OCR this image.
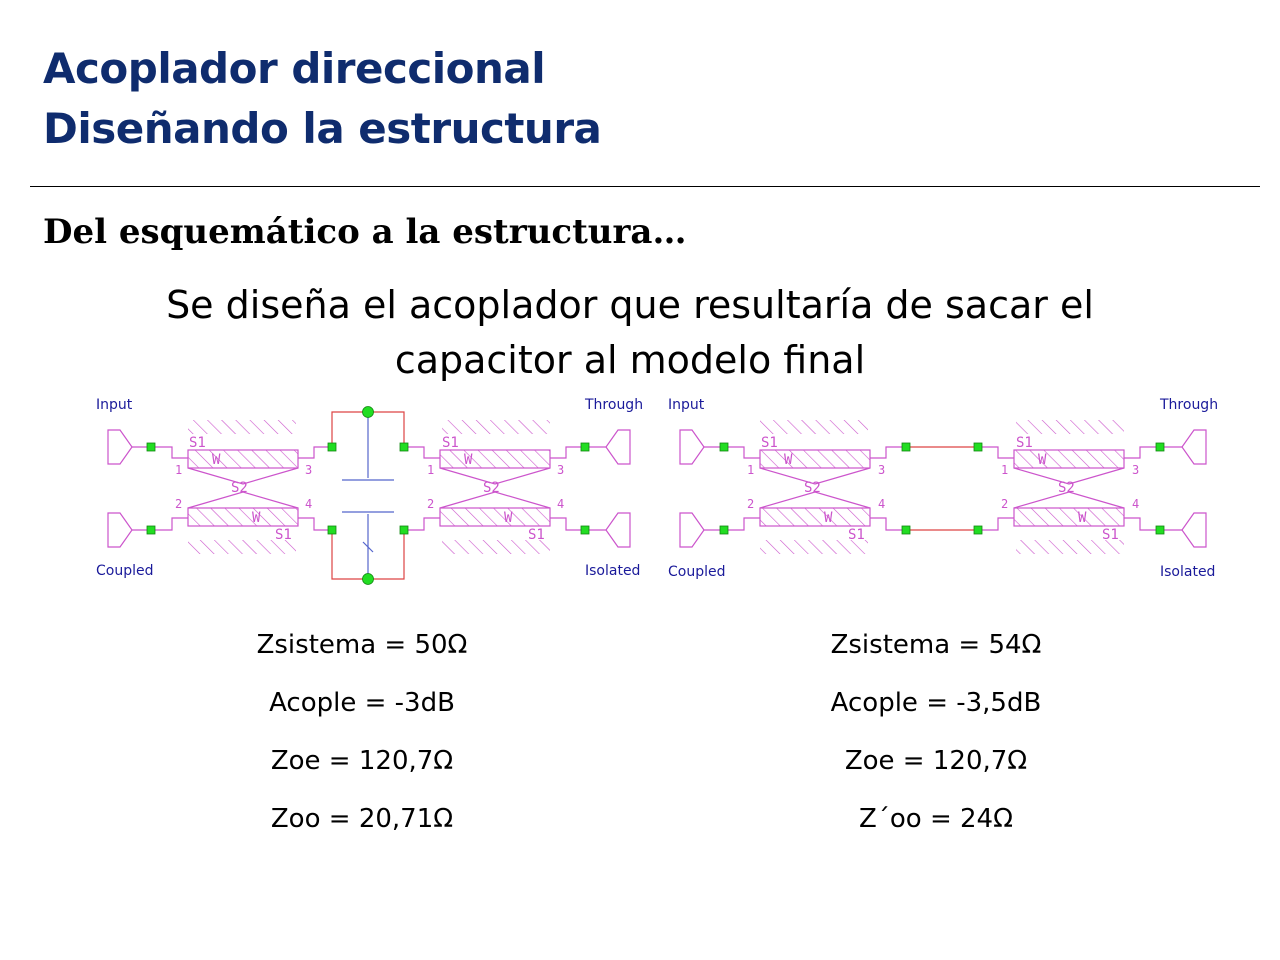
Acoplador direccional
Diseñando la estructura
Del esquemático a la estructura…
Se diseña el acoplador que resultaría de sacar el
capacitor al modelo final
Input	Through
Coupled	Isolated
S1
S1
S2
W
W
1
2
3
4
S1
S1
S2
W
W
1
2
3
4
Input	Through
Coupled	Isolated
S1
S1
S2
W
W
1
2
3
4
S1
S1
S2
W
W
1
2
3
4
Zsistema = 50Ω
Acople = -3dB
Zoe = 120,7Ω
Zoo = 20,71Ω
Zsistema = 54Ω
Acople = -3,5dB
Zoe = 120,7Ω
Z´oo = 24Ω
